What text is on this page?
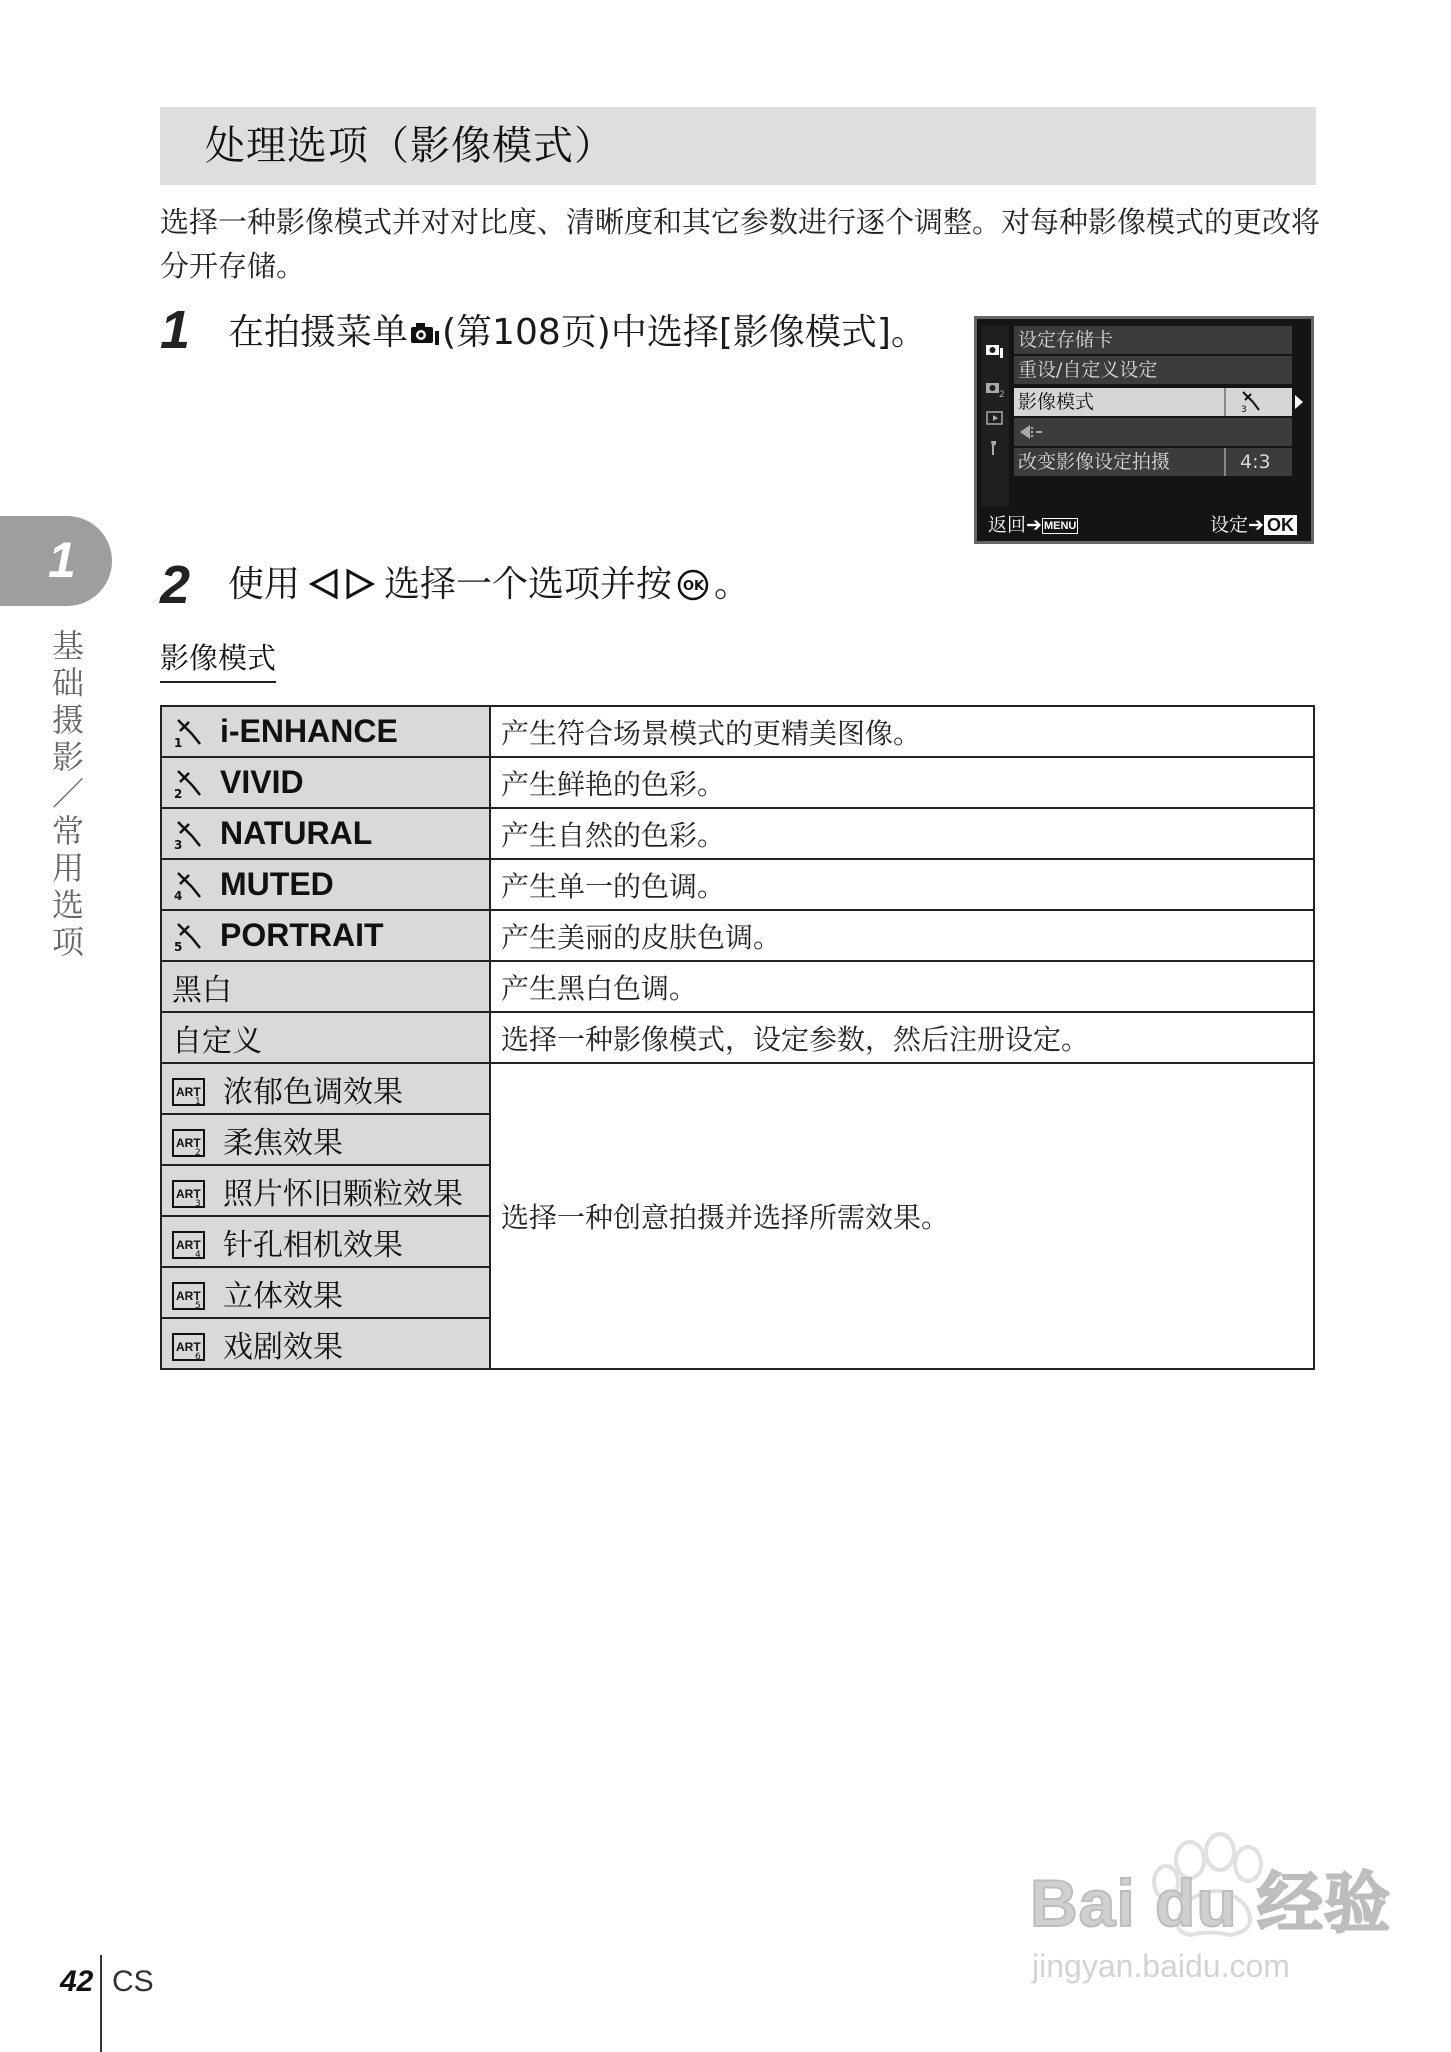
处理选项（影像模式）
选择一种影像模式并对对比度、清晰度和其它参数进行逐个调整。对每种影像模式的更改将分开存储。
1 在拍摄菜单 (第108页)中选择[影像模式]。
2
设定存储卡
重设/自定义设定
影像模式	3
改变影像设定拍摄	4:3
返回➔ MENU	设定➔ OK
2 使用 选择一个选项并按 OK 。
1
基础摄影／常用选项
影像模式
1 i-ENHANCE	产生符合场景模式的更精美图像。

2 VIVID	产生鲜艳的色彩。

3 NATURAL	产生自然的色彩。

4 MUTED	产生单一的色调。

5 PORTRAIT	产生美丽的皮肤色调。
黑白	产生黑白色调。
自定义	选择一种影像模式，设定参数，然后注册设定。

ART
1 浓郁色调效果	选择一种创意拍摄并选择所需效果。

ART
2 柔焦效果	

ART
3 照片怀旧颗粒效果	

ART
4 针孔相机效果	

ART
5 立体效果	

ART
6 戏剧效果	
42 CS
Bai du 经验
jingyan.baidu.com
